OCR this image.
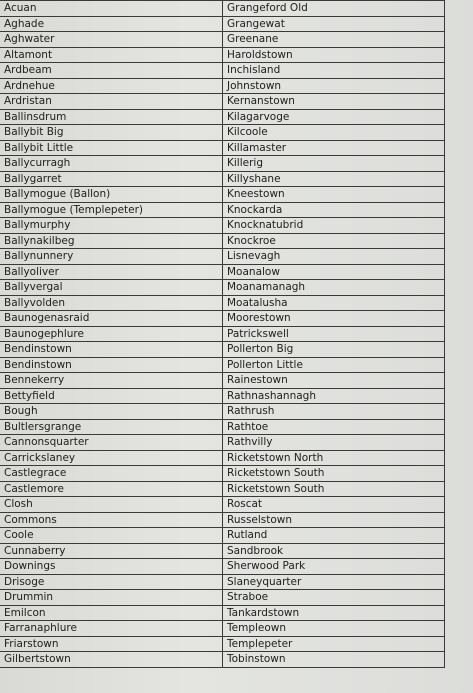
Acuan	Grangeford Old
Aghade	Grangewat
Aghwater	Greenane
Altamont	Haroldstown
Ardbeam	Inchisland
Ardnehue	Johnstown
Ardristan	Kernanstown
Ballinsdrum	Kilagarvoge
Ballybit Big	Kilcoole
Ballybit Little	Killamaster
Ballycurragh	Killerig
Ballygarret	Killyshane
Ballymogue (Ballon)	Kneestown
Ballymogue (Templepeter)	Knockarda
Ballymurphy	Knocknatubrid
Ballynakilbeg	Knockroe
Ballynunnery	Lisnevagh
Ballyoliver	Moanalow
Ballyvergal	Moanamanagh
Ballyvolden	Moatalusha
Baunogenasraid	Moorestown
Baunogephlure	Patrickswell
Bendinstown	Pollerton Big
Bendinstown	Pollerton Little
Bennekerry	Rainestown
Bettyfield	Rathnashannagh
Bough	Rathrush
Bultlersgrange	Rathtoe
Cannonsquarter	Rathvilly
Carrickslaney	Ricketstown North
Castlegrace	Ricketstown South
Castlemore	Ricketstown South
Closh	Roscat
Commons	Russelstown
Coole	Rutland
Cunnaberry	Sandbrook
Downings	Sherwood Park
Drisoge	Slaneyquarter
Drummin	Straboe
Emilcon	Tankardstown
Farranaphlure	Templeown
Friarstown	Templepeter
Gilbertstown	Tobinstown
